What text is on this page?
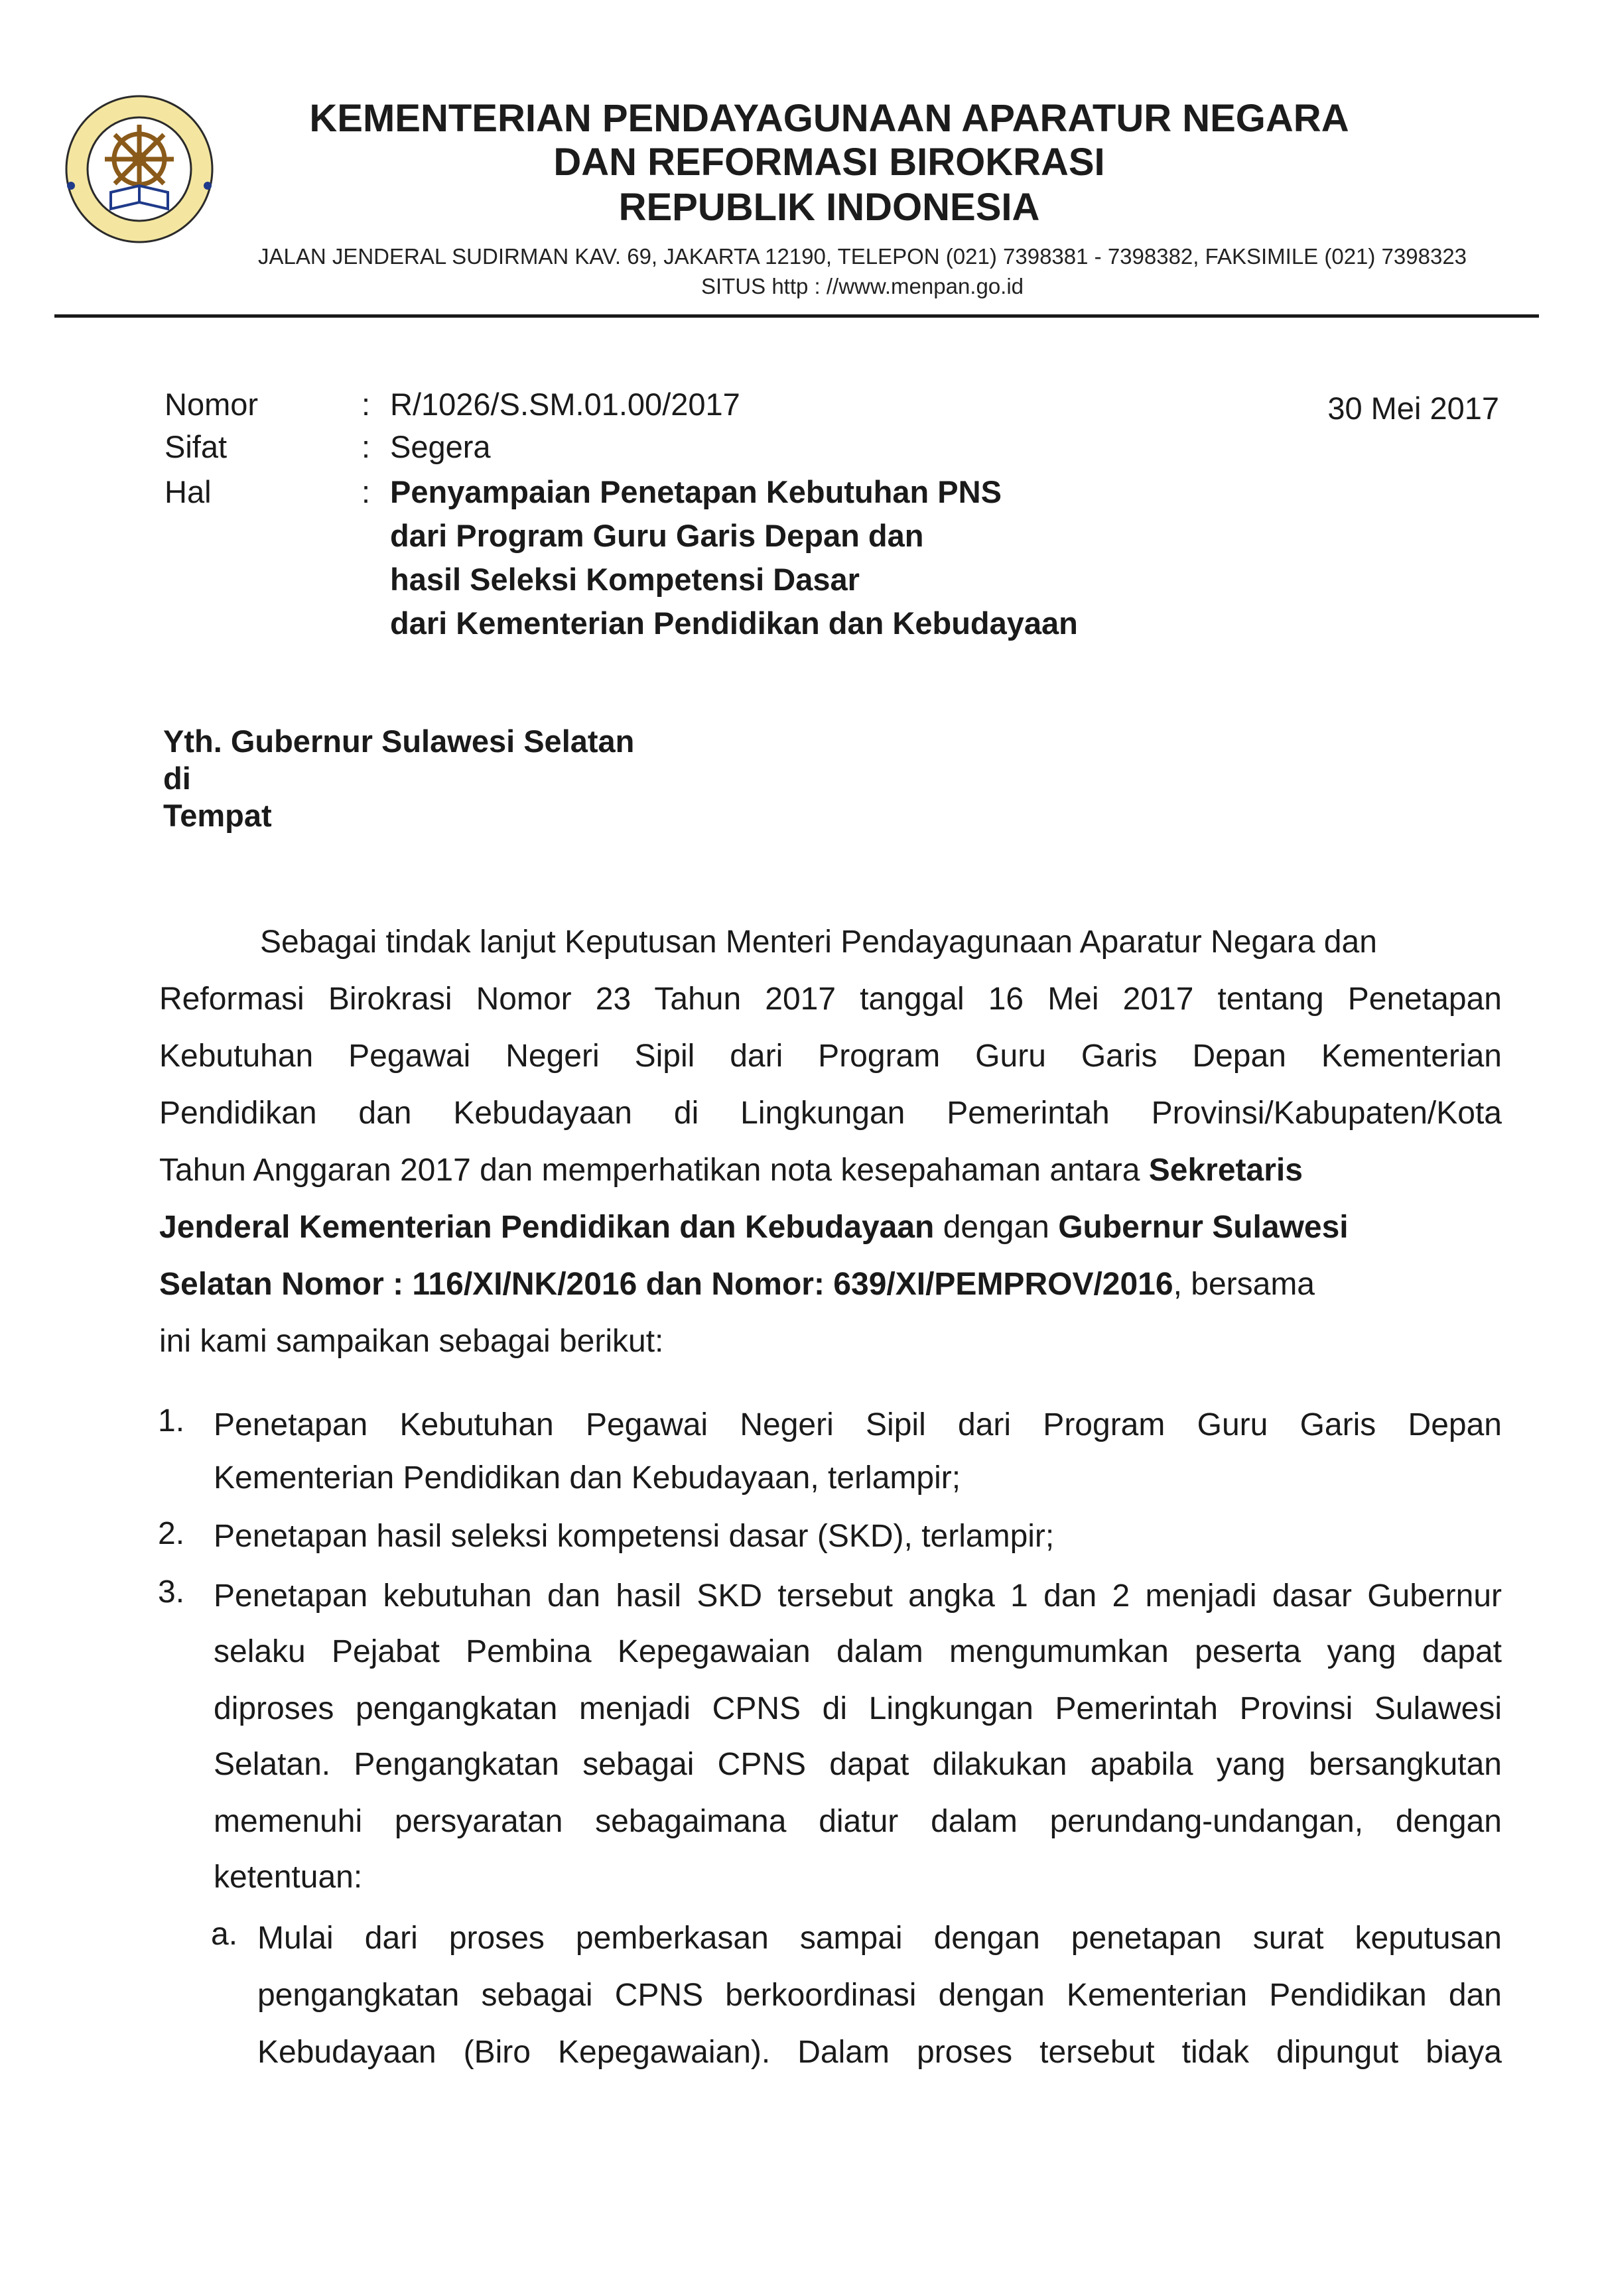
KEMENTERIAN PENDAYAGUNAAN APARATUR NEGARA
DAN REFORMASI BIROKRASI
REPUBLIK INDONESIA
JALAN JENDERAL SUDIRMAN KAV. 69, JAKARTA 12190, TELEPON (021) 7398381 - 7398382, FAKSIMILE (021) 7398323
SITUS http : //www.menpan.go.id
Nomor	: R/1026/S.SM.01.00/2017	30 Mei 2017
Sifat	: Segera
Hal	: Penyampaian Penetapan Kebutuhan PNS
dari Program Guru Garis Depan dan
hasil Seleksi Kompetensi Dasar
dari Kementerian Pendidikan dan Kebudayaan
Yth. Gubernur Sulawesi Selatan
di
Tempat
Sebagai tindak lanjut Keputusan Menteri Pendayagunaan Aparatur Negara dan
Reformasi Birokrasi Nomor 23 Tahun 2017 tanggal 16 Mei 2017 tentang Penetapan
Kebutuhan Pegawai Negeri Sipil dari Program Guru Garis Depan Kementerian
Pendidikan dan Kebudayaan di Lingkungan Pemerintah Provinsi/Kabupaten/Kota
Tahun Anggaran 2017 dan memperhatikan nota kesepahaman antara Sekretaris
Jenderal Kementerian Pendidikan dan Kebudayaan dengan Gubernur Sulawesi
Selatan Nomor : 116/XI/NK/2016 dan Nomor: 639/XI/PEMPROV/2016, bersama
ini kami sampaikan sebagai berikut:
1. Penetapan Kebutuhan Pegawai Negeri Sipil dari Program Guru Garis Depan
Kementerian Pendidikan dan Kebudayaan, terlampir;
2. Penetapan hasil seleksi kompetensi dasar (SKD), terlampir;
3. Penetapan kebutuhan dan hasil SKD tersebut angka 1 dan 2 menjadi dasar Gubernur
selaku Pejabat Pembina Kepegawaian dalam mengumumkan peserta yang dapat
diproses pengangkatan menjadi CPNS di Lingkungan Pemerintah Provinsi Sulawesi
Selatan. Pengangkatan sebagai CPNS dapat dilakukan apabila yang bersangkutan
memenuhi persyaratan sebagaimana diatur dalam perundang-undangan, dengan
ketentuan:
a. Mulai dari proses pemberkasan sampai dengan penetapan surat keputusan
pengangkatan sebagai CPNS berkoordinasi dengan Kementerian Pendidikan dan
Kebudayaan (Biro Kepegawaian). Dalam proses tersebut tidak dipungut biaya
